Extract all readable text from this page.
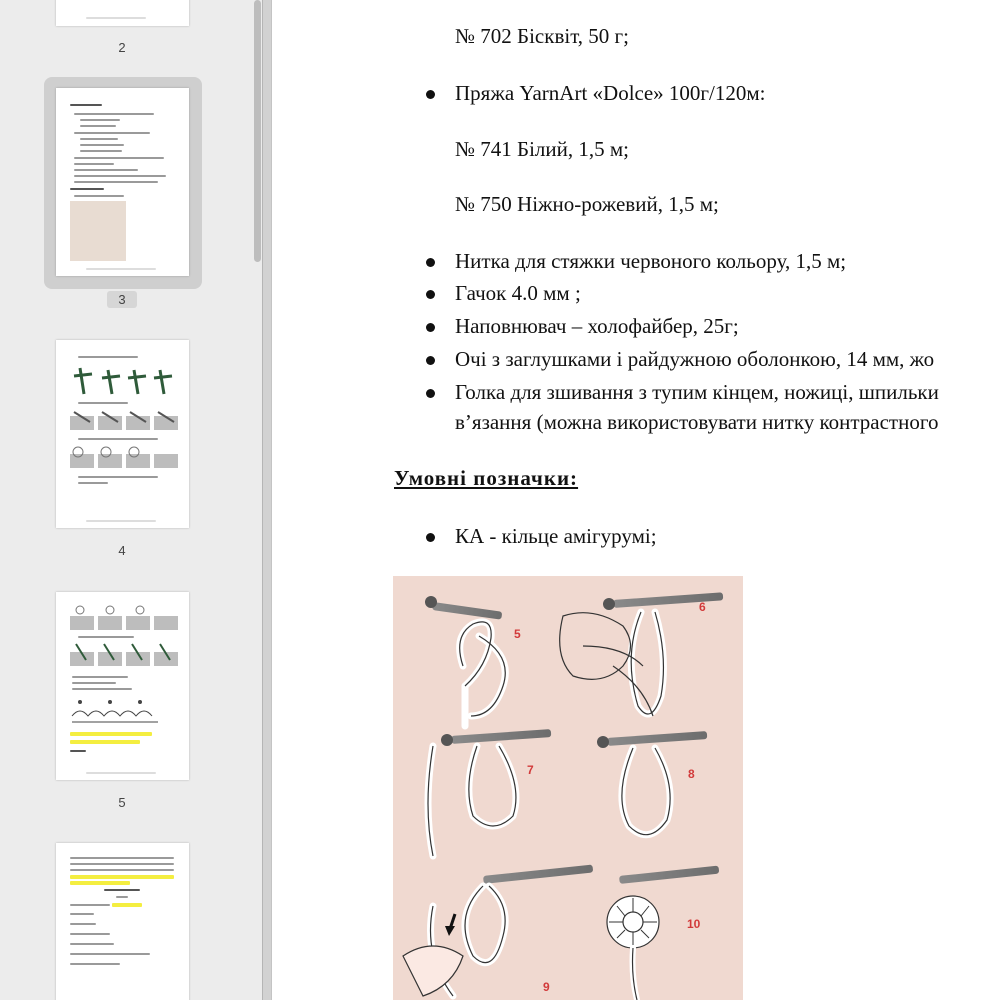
2
3
4
5
№ 702 Бісквіт, 50 г;
Пряжа YarnArt «Dolce» 100г/120м:
№ 741 Білий, 1,5 м;
№ 750 Ніжно-рожевий, 1,5 м;
Нитка для стяжки червоного кольору, 1,5 м;
Гачок 4.0 мм ;
Наповнювач – холофайбер, 25г;
Очі з заглушками і райдужною оболонкою, 14 мм, жо
Голка для зшивання з тупим кінцем, ножиці, шпильки
в’язання (можна використовувати нитку контрастного
Умовні позначки:
КА - кільце амігурумі;
5
6
7	8
9
10
